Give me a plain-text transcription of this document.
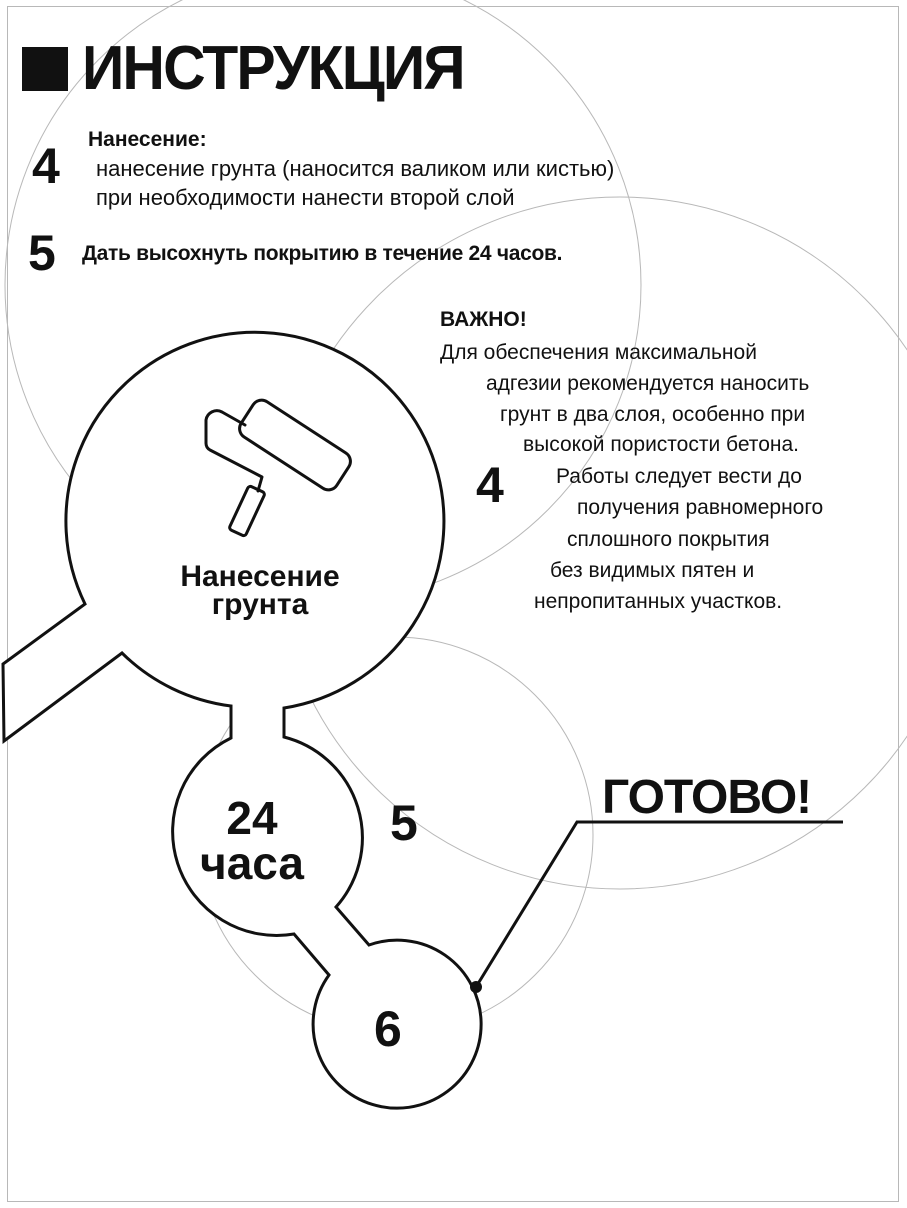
ИНСТРУКЦИЯ
4 Нанесение:
нанесение грунта (наносится валиком или кистью)
при необходимости нанести второй слой
5 Дать высохнуть покрытию в течение 24 часов.
ВАЖНО!
Для обеспечения максимальной
адгезии рекомендуется наносить
грунт в два слоя, особенно при
высокой пористости бетона.
Работы следует вести до
получения равномерного
сплошного покрытия
без видимых пятен и
непропитанных участков.
Нанесение
грунта
4
24
часа
5
6
ГОТОВО!
